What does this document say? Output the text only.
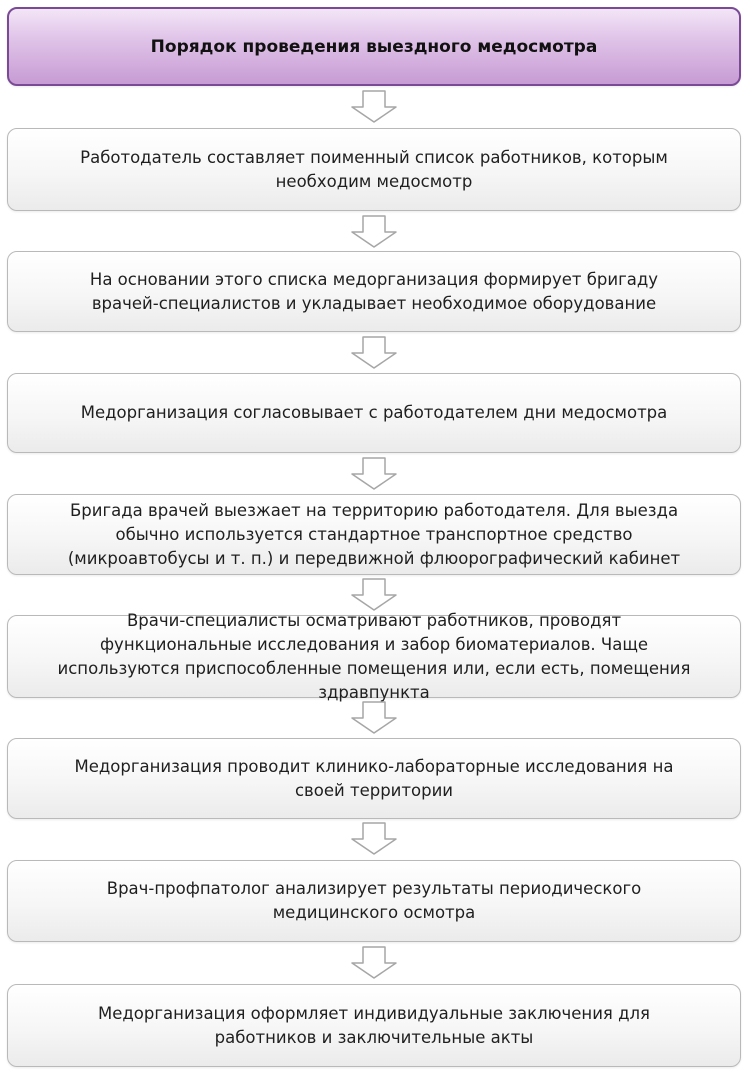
Порядок проведения выездного медосмотра
Работодатель составляет поименный список работников, которым необходим медосмотр
На основании этого списка медорганизация формирует бригаду врачей-специалистов и укладывает необходимое оборудование
Медорганизация согласовывает с работодателем дни медосмотра
Бригада врачей выезжает на территорию работодателя. Для выезда обычно используется стандартное транспортное средство (микроавтобусы и т. п.) и передвижной флюорографический кабинет
Врачи-специалисты осматривают работников, проводят функциональные исследования и забор биоматериалов. Чаще используются приспособленные помещения или, если есть, помещения здравпункта
Медорганизация проводит клинико-лабораторные исследования на своей территории
Врач-профпатолог анализирует результаты периодического медицинского осмотра
Медорганизация оформляет индивидуальные заключения для работников и заключительные акты
